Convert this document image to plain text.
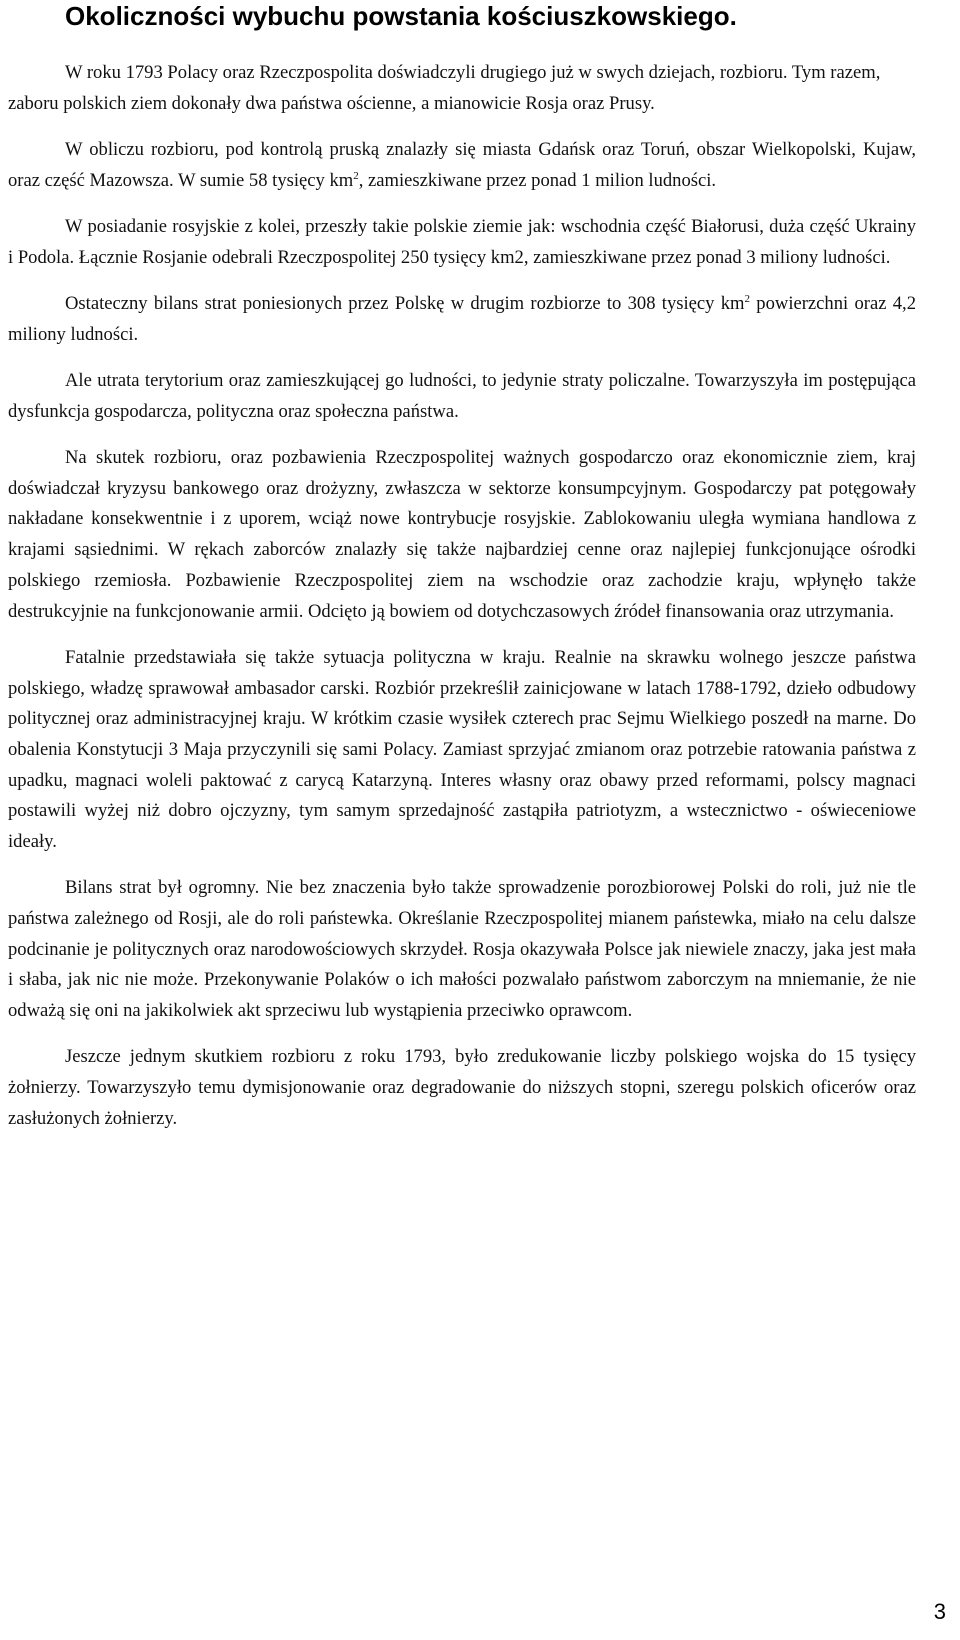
Okoliczności wybuchu powstania kościuszkowskiego.

W roku 1793 Polacy oraz Rzeczpospolita doświadczyli drugiego już w swych dziejach, rozbioru. Tym razem, zaboru polskich ziem dokonały dwa państwa ościenne, a mianowicie Rosja oraz Prusy.

W obliczu rozbioru, pod kontrolą pruską znalazły się miasta Gdańsk oraz Toruń, obszar Wielkopolski, Kujaw, oraz część Mazowsza. W sumie 58 tysięcy $km^2$, zamieszkiwane przez ponad 1 milion ludności.

W posiadanie rosyjskie z kolei, przeszły takie polskie ziemie jak: wschodnia część Białorusi, duża część Ukrainy i Podola. Łącznie Rosjanie odebrali Rzeczpospolitej 250 tysięcy km2, zamieszkiwane przez ponad 3 miliony ludności.

Ostateczny bilans strat poniesionych przez Polskę w drugim rozbiorze to 308 tysięcy $km^2$ powierzchni oraz 4,2 miliony ludności.

Ale utrata terytorium oraz zamieszkującej go ludności, to jedynie straty policzalne. Towarzyszyła im postępująca dysfunkcja gospodarcza, polityczna oraz społeczna państwa.

Na skutek rozbioru, oraz pozbawienia Rzeczpospolitej ważnych gospodarczo oraz ekonomicznie ziem, kraj doświadczał kryzysu bankowego oraz drożyzny, zwłaszcza w sektorze konsumpcyjnym. Gospodarczy pat potęgowały nakładane konsekwentnie i z uporem, wciąż nowe kontrybucje rosyjskie. Zablokowaniu uległa wymiana handlowa z krajami sąsiednimi. W rękach zaborców znalazły się także najbardziej cenne oraz najlepiej funkcjonujące ośrodki polskiego rzemiosła. Pozbawienie Rzeczpospolitej ziem na wschodzie oraz zachodzie kraju, wpłynęło także destrukcyjnie na funkcjonowanie armii. Odcięto ją bowiem od dotychczasowych źródeł finansowania oraz utrzymania.

Fatalnie przedstawiała się także sytuacja polityczna w kraju. Realnie na skrawku wolnego jeszcze państwa polskiego, władzę sprawował ambasador carski. Rozbiór przekreślił zainicjowane w latach 1788-1792, dzieło odbudowy politycznej oraz administracyjnej kraju. W krótkim czasie wysiłek czterech prac Sejmu Wielkiego poszedł na marne. Do obalenia Konstytucji 3 Maja przyczynili się sami Polacy. Zamiast sprzyjać zmianom oraz potrzebie ratowania państwa z upadku, magnaci woleli paktować z carycą Katarzyną. Interes własny oraz obawy przed reformami, polscy magnaci postawili wyżej niż dobro ojczyzny, tym samym sprzedajność zastąpiła patriotyzm, a wstecznictwo - oświeceniowe ideały.

Bilans strat był ogromny. Nie bez znaczenia było także sprowadzenie porozbiorowej Polski do roli, już nie tle państwa zależnego od Rosji, ale do roli państewka. Określanie Rzeczpospolitej mianem państewka, miało na celu dalsze podcinanie je politycznych oraz narodowościowych skrzydeł. Rosja okazywała Polsce jak niewiele znaczy, jaka jest mała i słaba, jak nic nie może. Przekonywanie Polaków o ich małości pozwalało państwom zaborczym na mniemanie, że nie odważą się oni na jakikolwiek akt sprzeciwu lub wystąpienia przeciwko oprawcom.

Jeszcze jednym skutkiem rozbioru z roku 1793, było zredukowanie liczby polskiego wojska do 15 tysięcy żołnierzy. Towarzyszyło temu dymisjonowanie oraz degradowanie do niższych stopni, szeregu polskich oficerów oraz zasłużonych żołnierzy.

3
